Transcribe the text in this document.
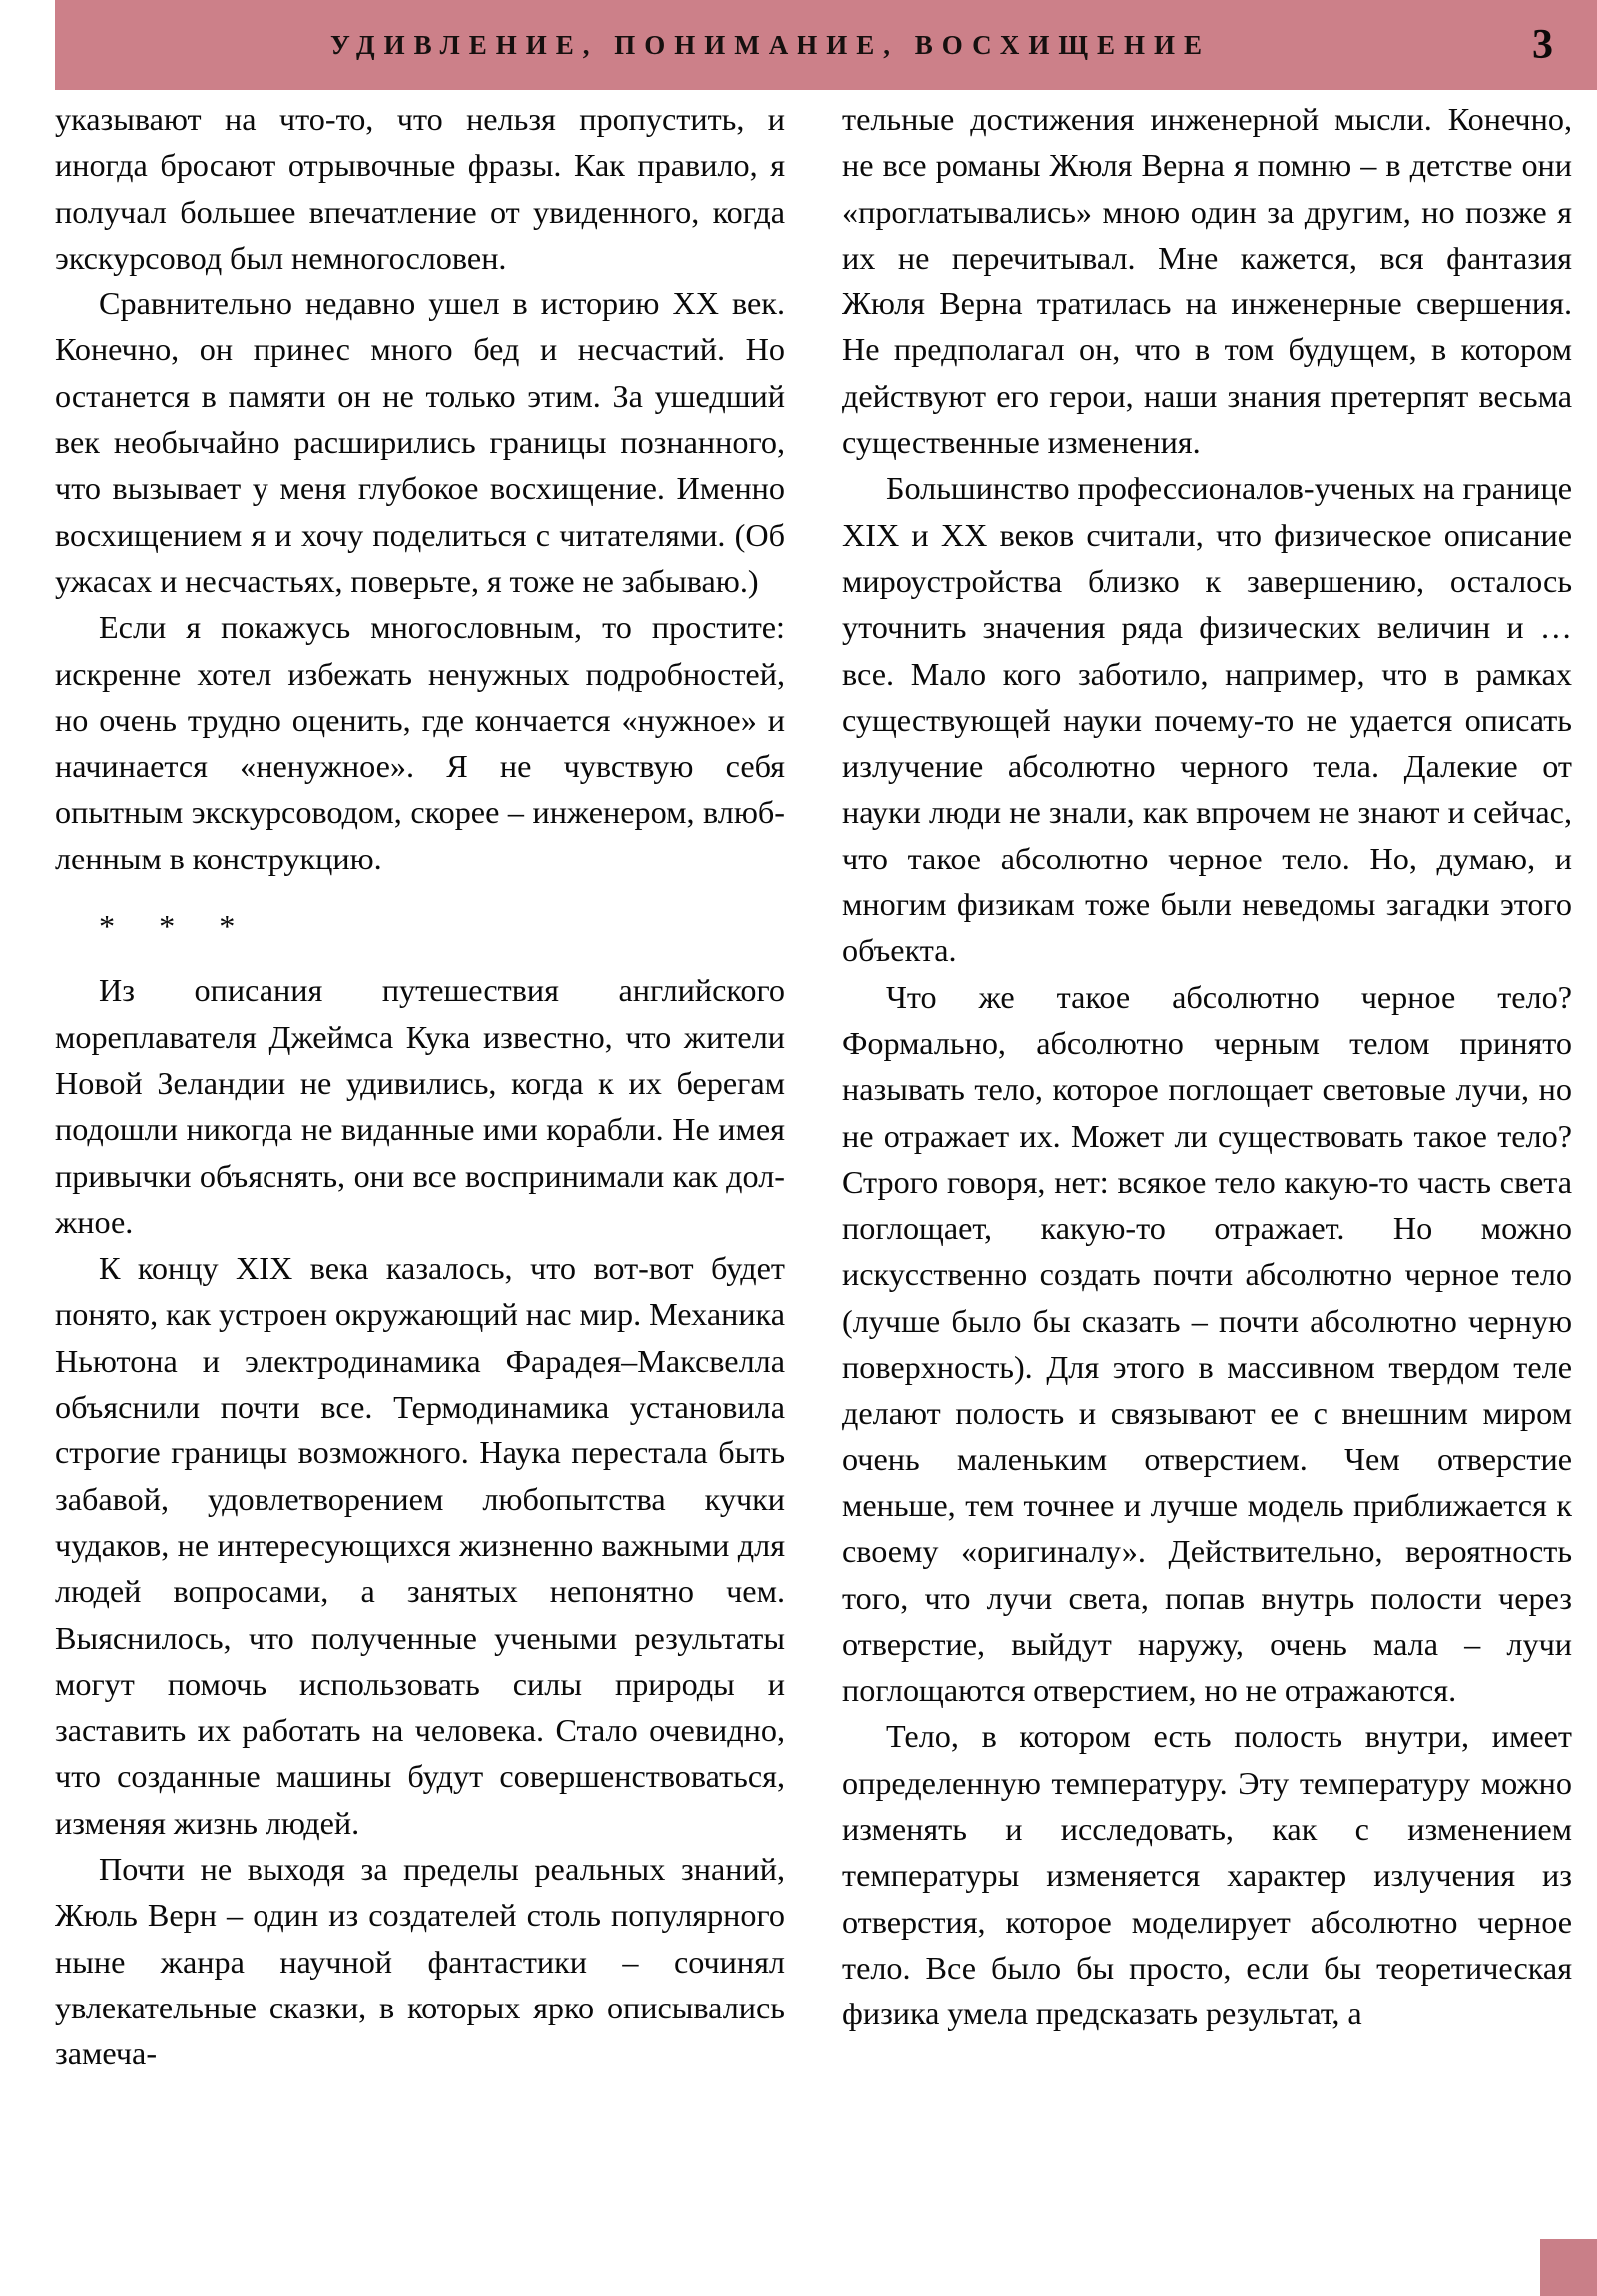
УДИВЛЕНИЕ, ПОНИМАНИЕ, ВОСХИЩЕНИЕ	3

указывают на что-то, что нельзя пропустить, и иногда бросают отрывочные фразы. Как правило, я получал большее впечатление от увиденного, когда экскурсовод был немногословен.

Сравнительно недавно ушел в историю XX век. Конечно, он принес много бед и несчастий. Но останется в памяти он не только этим. За ушедший век необычайно расширились границы познанного, что вызывает у меня глубокое восхищение. Именно восхищением я и хочу поделиться с читателями. (Об ужасах и несчастьях, поверьте, я тоже не забываю.)

Если я покажусь многословным, то простите: искренне хотел избежать ненужных подробностей, но очень трудно оценить, где кончается «нужное» и начинается «ненужное». Я не чувствую себя опытным экскурсоводом, скорее – инженером, влюбленным в конструкцию.

* * *

Из описания путешествия английского мореплавателя Джеймса Кука известно, что жители Новой Зеландии не удивились, когда к их берегам подошли никогда не виданные ими корабли. Не имея привычки объяснять, они все воспринимали как должное.

К концу XIX века казалось, что вот-вот будет понято, как устроен окружающий нас мир. Механика Ньютона и электродинамика Фарадея–Максвелла объяснили почти все. Термодинамика установила строгие границы возможного. Наука перестала быть забавой, удовлетворением любопытства кучки чудаков, не интересующихся жизненно важными для людей вопросами, а занятых непонятно чем. Выяснилось, что полученные учеными результаты могут помочь использовать силы природы и заставить их работать на человека. Стало очевидно, что созданные машины будут совершенствоваться, изменяя жизнь людей.

Почти не выходя за пределы реальных знаний, Жюль Верн – один из создателей столь популярного ныне жанра научной фантастики – сочинял увлекательные сказки, в которых ярко описывались замеча-

тельные достижения инженерной мысли. Конечно, не все романы Жюля Верна я помню – в детстве они «проглатывались» мною один за другим, но позже я их не перечитывал. Мне кажется, вся фантазия Жюля Верна тратилась на инженерные свершения. Не предполагал он, что в том будущем, в котором действуют его герои, наши знания претерпят весьма существенные изменения.

Большинство профессионалов-ученых на границе XIX и XX веков считали, что физическое описание мироустройства близко к завершению, осталось уточнить значения ряда физических величин и … все. Мало кого заботило, например, что в рамках существующей науки почему-то не удается описать излучение абсолютно черного тела. Далекие от науки люди не знали, как впрочем не знают и сейчас, что такое абсолютно черное тело. Но, думаю, и многим физикам тоже были неведомы загадки этого объекта.

Что же такое абсолютно черное тело? Формально, абсолютно черным телом принято называть тело, которое поглощает световые лучи, но не отражает их. Может ли существовать такое тело? Строго говоря, нет: всякое тело какую-то часть света поглощает, какую-то отражает. Но можно искусственно создать почти абсолютно черное тело (лучше было бы сказать – почти абсолютно черную поверхность). Для этого в массивном твердом теле делают полость и связывают ее с внешним миром очень маленьким отверстием. Чем отверстие меньше, тем точнее и лучше модель приближается к своему «оригиналу». Действительно, вероятность того, что лучи света, попав внутрь полости через отверстие, выйдут наружу, очень мала – лучи поглощаются отверстием, но не отражаются.

Тело, в котором есть полость внутри, имеет определенную температуру. Эту температуру можно изменять и исследовать, как с изменением температуры изменяется характер излучения из отверстия, которое моделирует абсолютно черное тело. Все было бы просто, если бы теоретическая физика умела предсказать результат, а
